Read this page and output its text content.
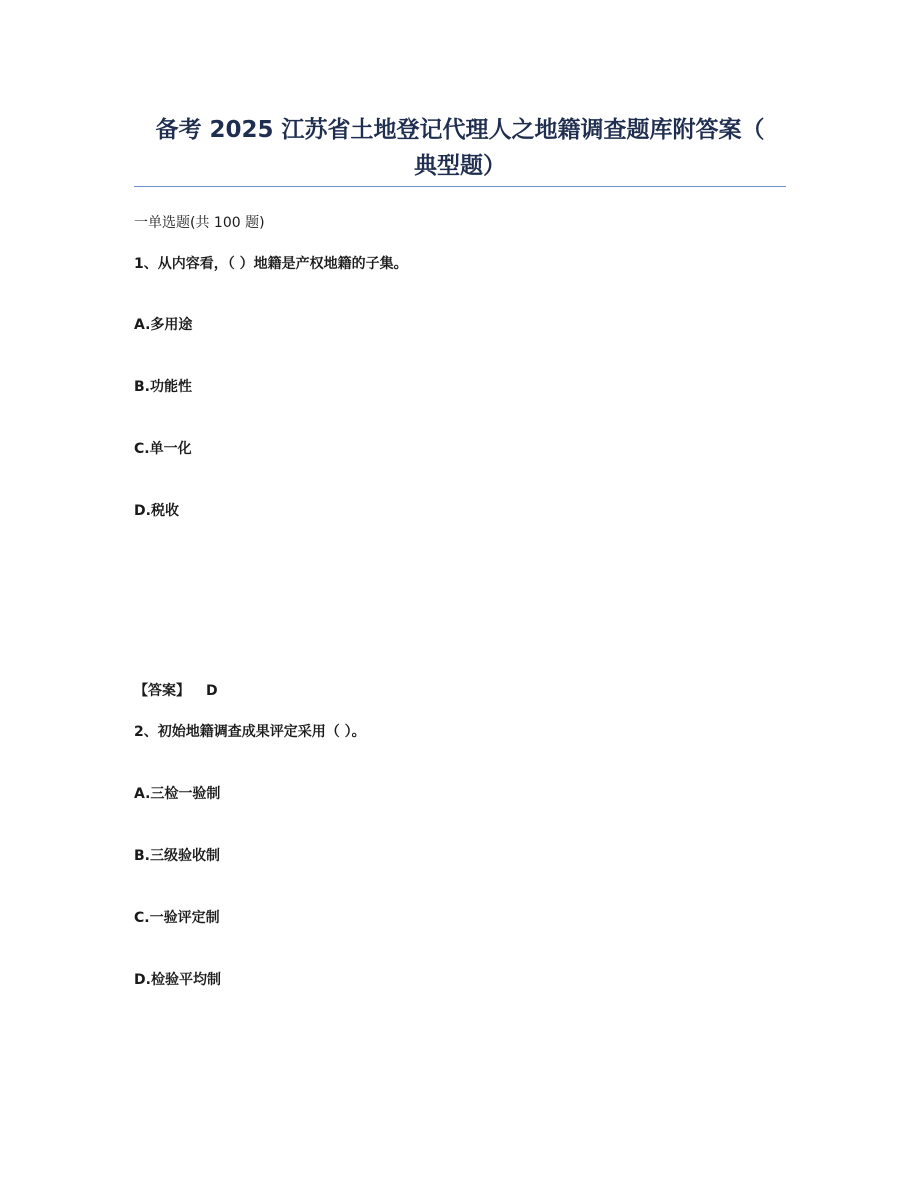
备考 2025 江苏省土地登记代理人之地籍调查题库附答案（
典型题）
一单选题(共 100 题)
1、从内容看，（ ）地籍是产权地籍的子集。
A.多用途
B.功能性
C.单一化
D.税收
【答案】 D
2、初始地籍调查成果评定采用（ ）。
A.三检一验制
B.三级验收制
C.一验评定制
D.检验平均制
